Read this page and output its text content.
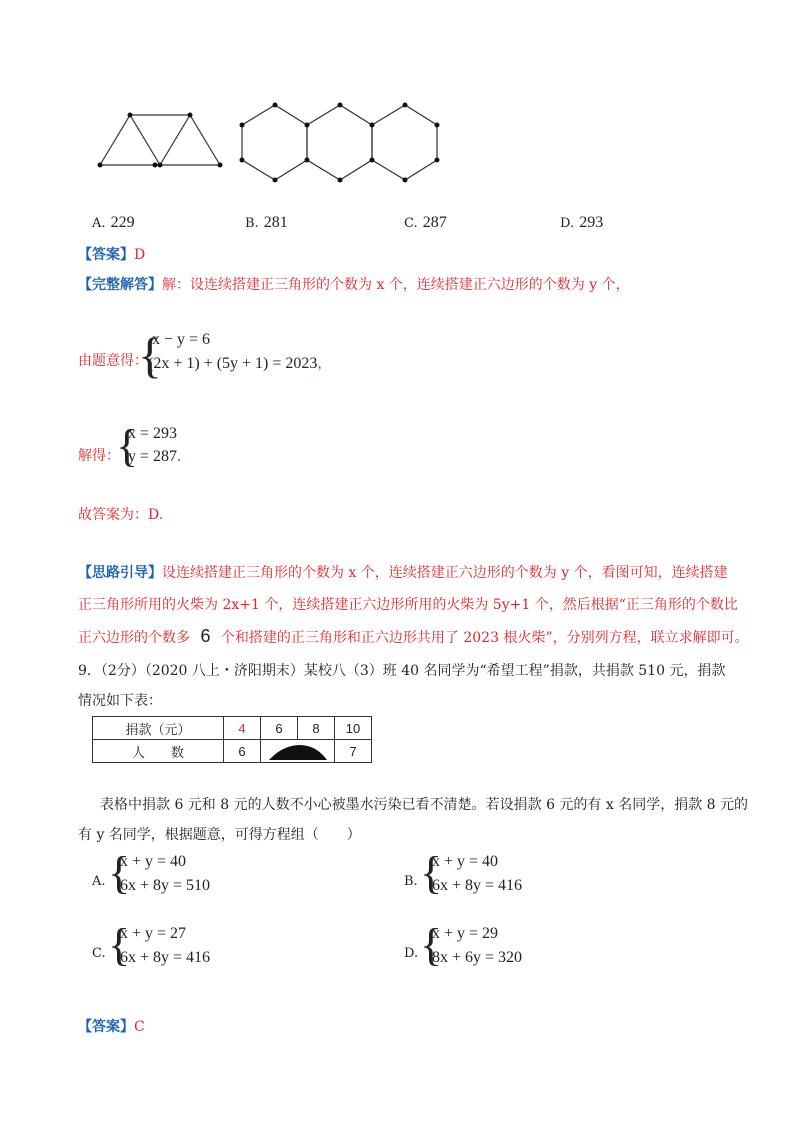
A. 229	B. 281	C. 287	D. 293
【答案】D
【完整解答】解：设连续搭建正三角形的个数为 x 个，连续搭建正六边形的个数为 y 个，
由题意得：
{
x − y = 6
(2x + 1) + (5y + 1) = 2023，
解得：
{
x = 293
y = 287.
故答案为：D.
【思路引导】设连续搭建正三角形的个数为 x 个，连续搭建正六边形的个数为 y 个，看图可知，连续搭建
正三角形所用的火柴为 2x+1 个，连续搭建正六边形所用的火柴为 5y+1 个，然后根据“正三角形的个数比
正六边形的个数多 6 个和搭建的正三角形和正六边形共用了 2023 根火柴”，分别列方程，联立求解即可。
9．（2分）（2020 八上・济阳期末）某校八（3）班 40 名同学为“希望工程”捐款，共捐款 510 元，捐款
情况如下表：
捐款（元）	4	6	8	10
人　　数	6			7
表格中捐款 6 元和 8 元的人数不小心被墨水污染已看不清楚。若设捐款 6 元的有 x 名同学，捐款 8 元的
有 y 名同学，根据题意，可得方程组（　　）
A. {
x + y = 40
6x + 8y = 510	B. {
x + y = 40
6x + 8y = 416
C. {
x + y = 27
6x + 8y = 416	D. {
x + y = 29
8x + 6y = 320
【答案】C
